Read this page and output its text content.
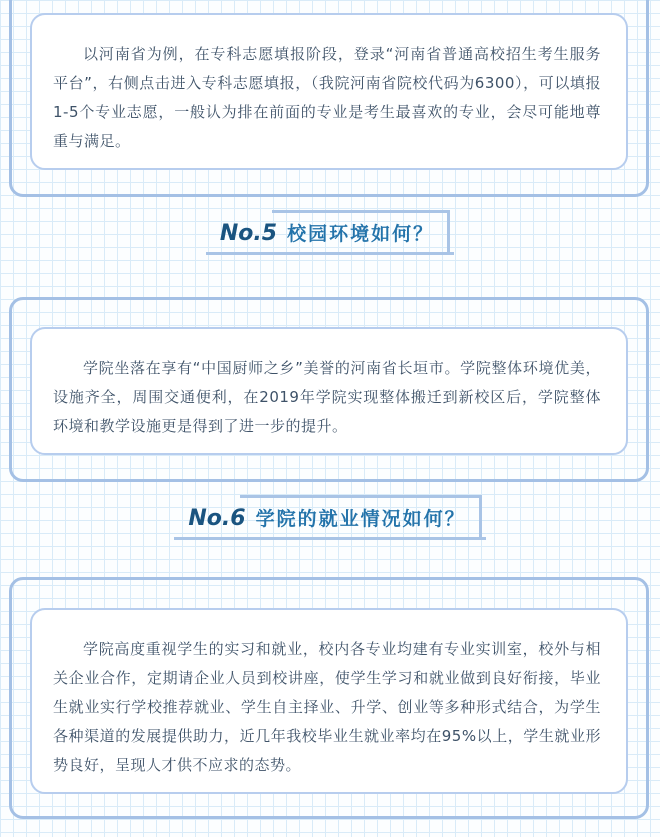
以河南省为例，在专科志愿填报阶段，登录“河南省普通高校招生考生服务平台”，右侧点击进入专科志愿填报，（我院河南省院校代码为6300），可以填报1-5个专业志愿，一般认为排在前面的专业是考生最喜欢的专业，会尽可能地尊重与满足。

No.5 校园环境如何？

学院坐落在享有“中国厨师之乡”美誉的河南省长垣市。学院整体环境优美，设施齐全，周围交通便利，在2019年学院实现整体搬迁到新校区后，学院整体环境和教学设施更是得到了进一步的提升。

No.6 学院的就业情况如何？

学院高度重视学生的实习和就业，校内各专业均建有专业实训室，校外与相关企业合作，定期请企业人员到校讲座，使学生学习和就业做到良好衔接，毕业生就业实行学校推荐就业、学生自主择业、升学、创业等多种形式结合，为学生各种渠道的发展提供助力，近几年我校毕业生就业率均在95%以上，学生就业形势良好，呈现人才供不应求的态势。
